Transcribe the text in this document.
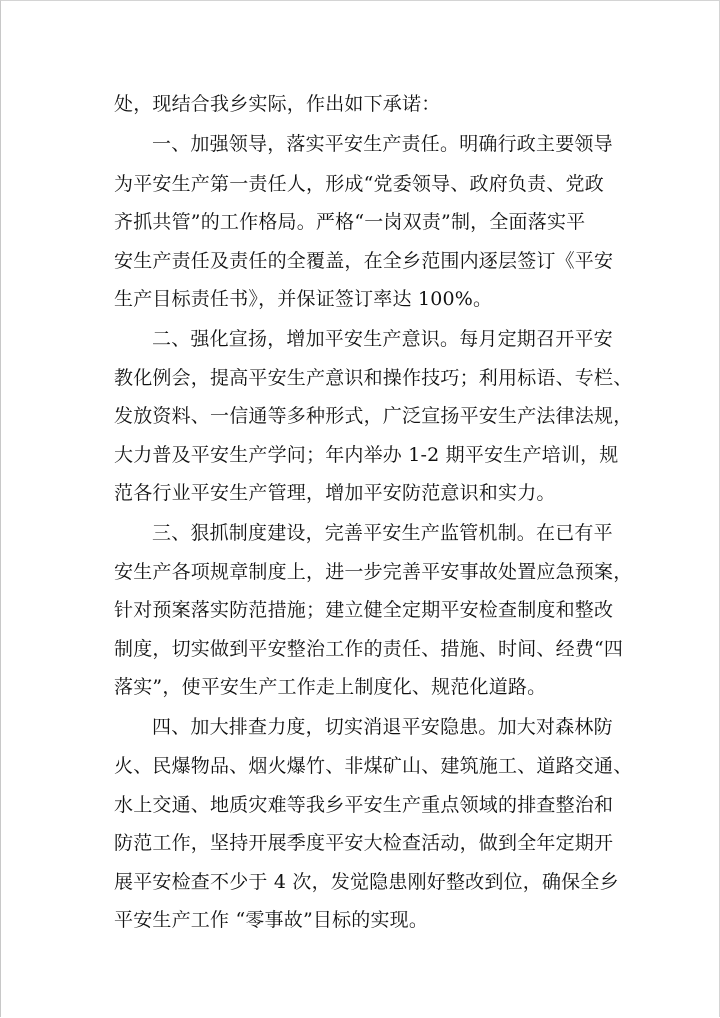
处，现结合我乡实际，作出如下承诺：
一、加强领导，落实平安生产责任。明确行政主要领导
为平安生产第一责任人，形成“党委领导、政府负责、党政
齐抓共管”的工作格局。严格“一岗双责”制，全面落实平
安生产责任及责任的全覆盖，在全乡范围内逐层签订《平安
生产目标责任书》，并保证签订率达 100%。
二、强化宣扬，增加平安生产意识。每月定期召开平安
教化例会，提高平安生产意识和操作技巧；利用标语、专栏、
发放资料、一信通等多种形式，广泛宣扬平安生产法律法规，
大力普及平安生产学问；年内举办 1-2 期平安生产培训，规
范各行业平安生产管理，增加平安防范意识和实力。
三、狠抓制度建设，完善平安生产监管机制。在已有平
安生产各项规章制度上，进一步完善平安事故处置应急预案，
针对预案落实防范措施；建立健全定期平安检查制度和整改
制度，切实做到平安整治工作的责任、措施、时间、经费“四
落实”，使平安生产工作走上制度化、规范化道路。
四、加大排查力度，切实消退平安隐患。加大对森林防
火、民爆物品、烟火爆竹、非煤矿山、建筑施工、道路交通、
水上交通、地质灾难等我乡平安生产重点领域的排查整治和
防范工作，坚持开展季度平安大检查活动，做到全年定期开
展平安检查不少于 4 次，发觉隐患刚好整改到位，确保全乡
平安生产工作 “零事故”目标的实现。
